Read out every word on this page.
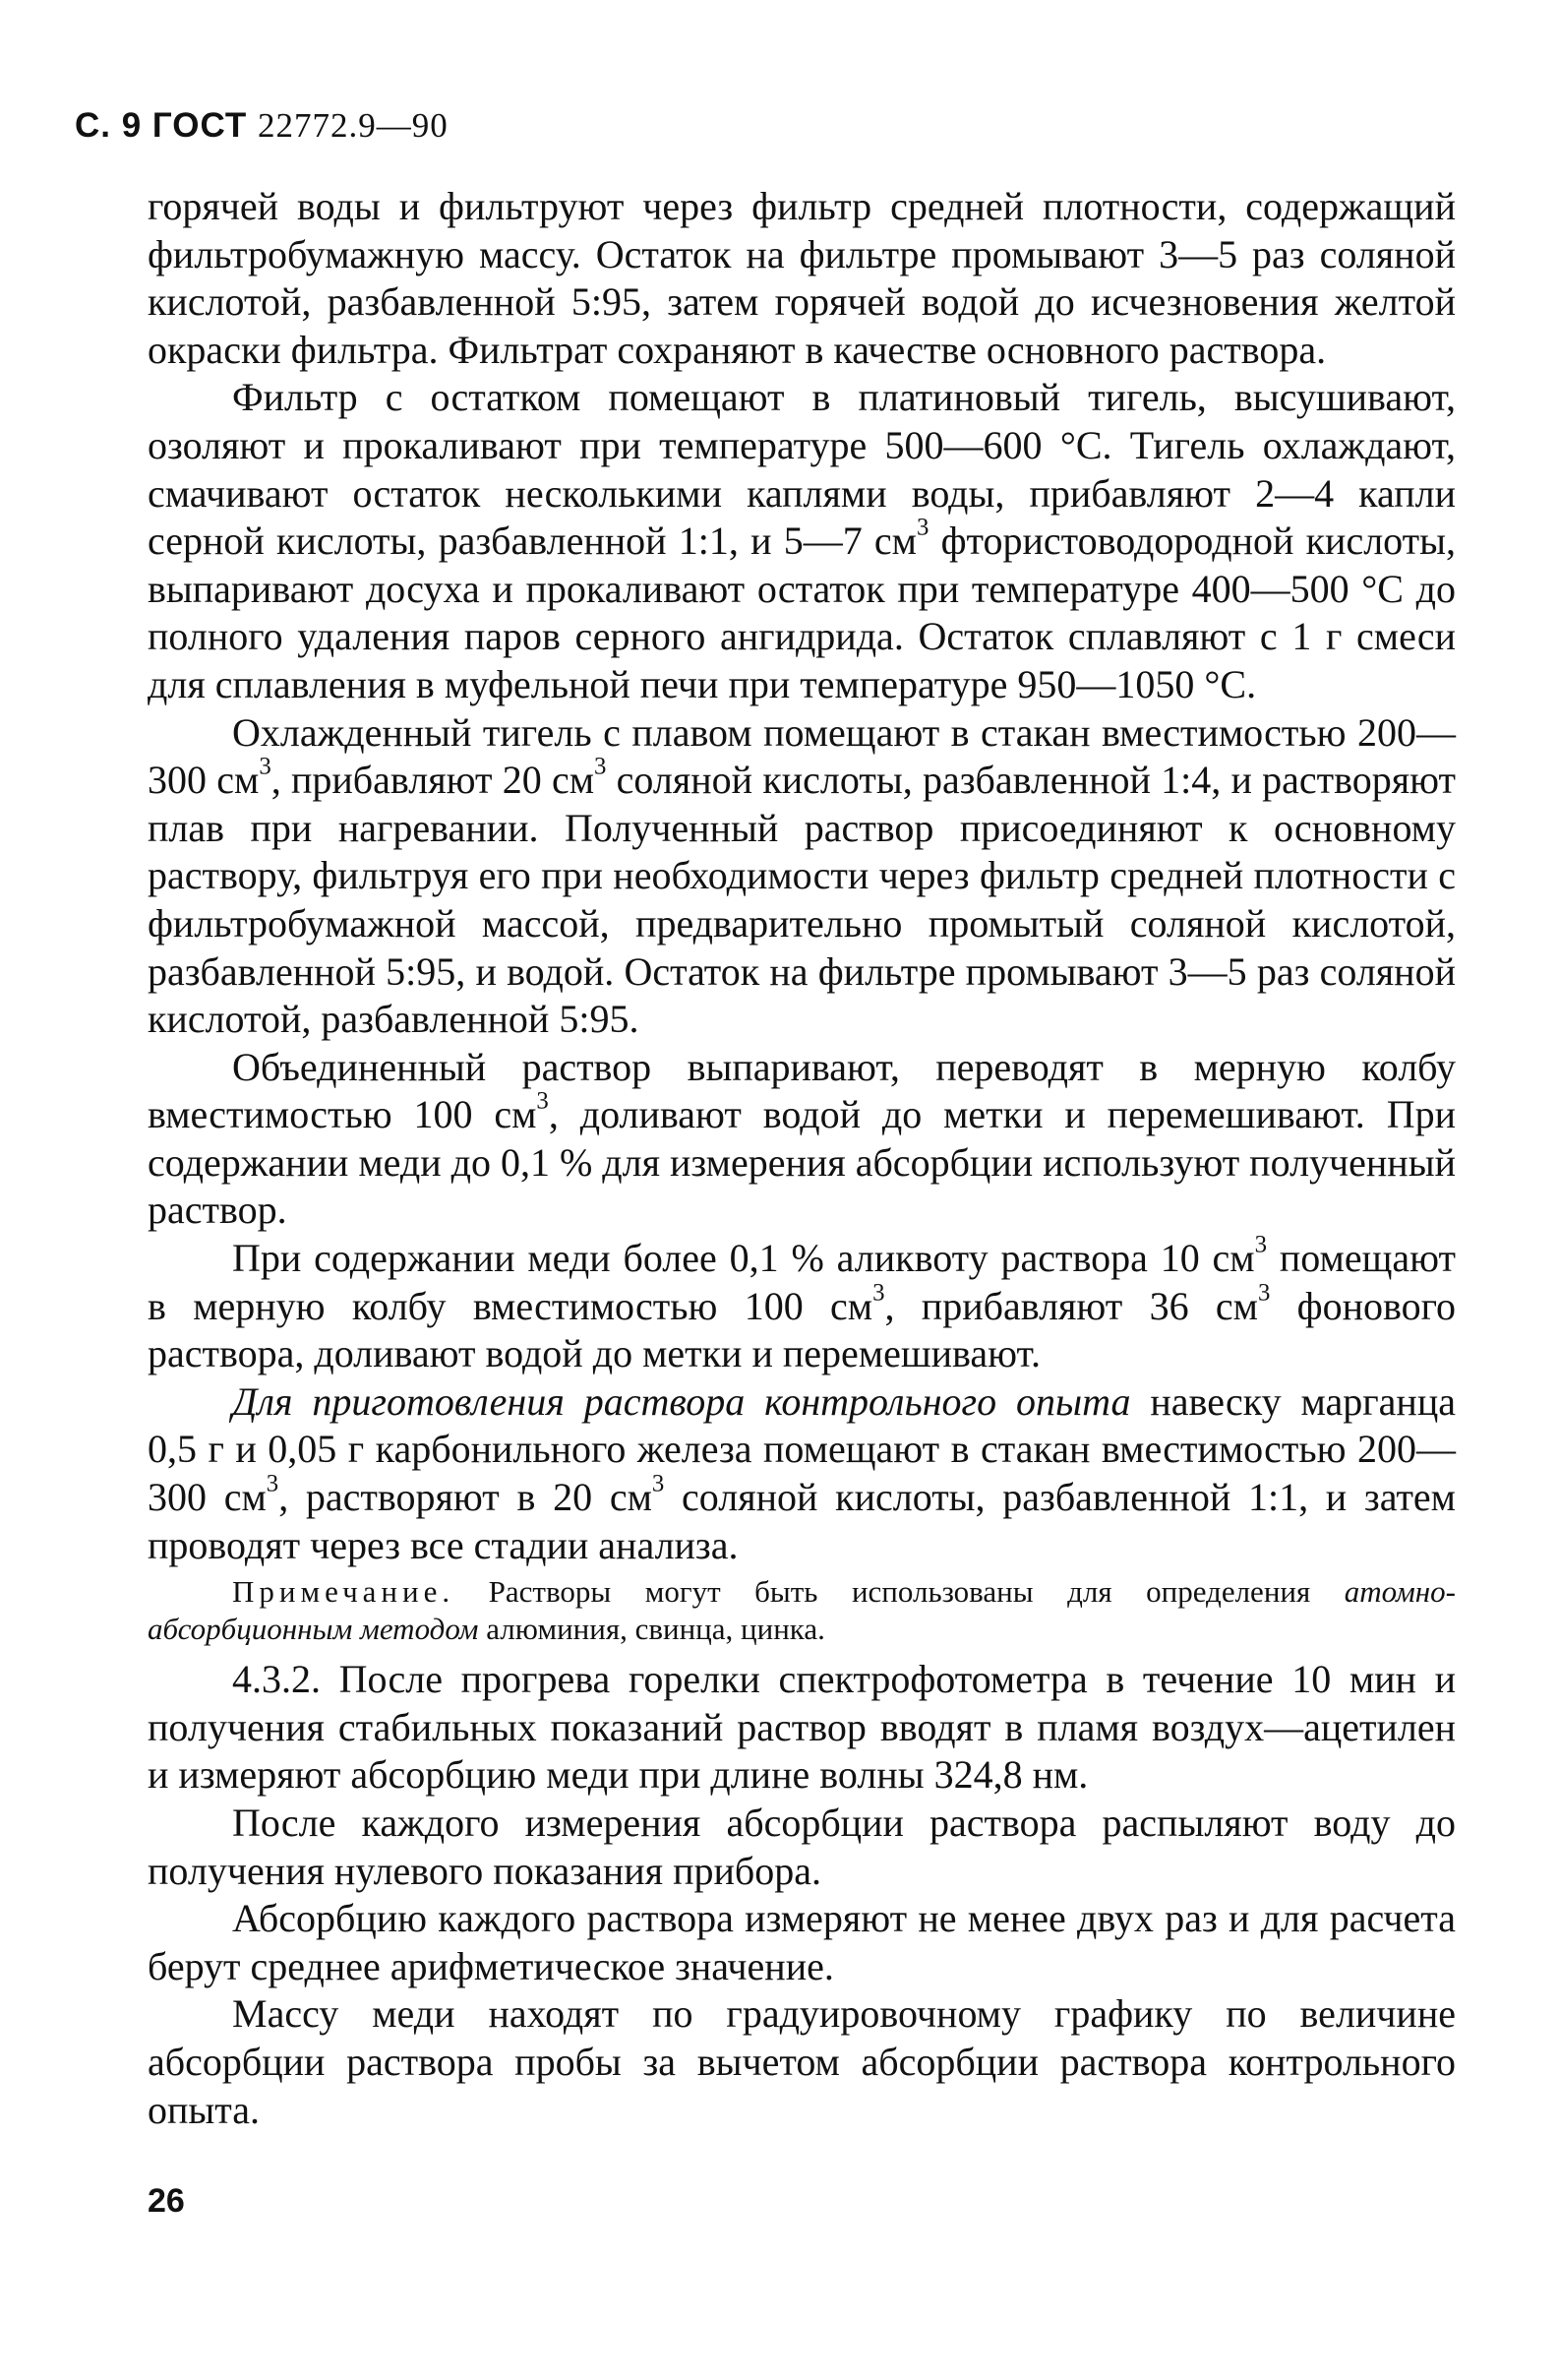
С. 9 ГОСТ 22772.9—90

горячей воды и фильтруют через фильтр средней плотности, содержащий фильтробумажную массу. Остаток на фильтре промывают 3—5 раз соляной кислотой, разбавленной 5:95, затем горячей водой до исчезновения желтой окраски фильтра. Фильтрат сохраняют в качестве основного раствора.

Фильтр с остатком помещают в платиновый тигель, высушивают, озоляют и прокаливают при температуре 500—600 °С. Тигель охлаждают, смачивают остаток несколькими каплями воды, прибавляют 2—4 капли серной кислоты, разбавленной 1:1, и 5—7 $см^3$ фтористоводородной кислоты, выпаривают досуха и прокаливают остаток при температуре 400—500 °С до полного удаления паров серного ангидрида. Остаток сплавляют с 1 г смеси для сплавления в муфельной печи при температуре 950—1050 °С.

Охлажденный тигель с плавом помещают в стакан вместимостью 200—300 $см^3$, прибавляют 20 $см^3$ соляной кислоты, разбавленной 1:4, и растворяют плав при нагревании. Полученный раствор присоединяют к основному раствору, фильтруя его при необходимости через фильтр средней плотности с фильтробумажной массой, предварительно промытый соляной кислотой, разбавленной 5:95, и водой. Остаток на фильтре промывают 3—5 раз соляной кислотой, разбавленной 5:95.

Объединенный раствор выпаривают, переводят в мерную колбу вместимостью 100 $см^3$, доливают водой до метки и перемешивают. При содержании меди до 0,1 % для измерения абсорбции используют полученный раствор.

При содержании меди более 0,1 % аликвоту раствора 10 $см^3$ помещают в мерную колбу вместимостью 100 $см^3$, прибавляют 36 $см^3$ фонового раствора, доливают водой до метки и перемешивают.

Для приготовления раствора контрольного опыта навеску марганца 0,5 г и 0,05 г карбонильного железа помещают в стакан вместимостью 200—300 $см^3$, растворяют в 20 $см^3$ соляной кислоты, разбавленной 1:1, и затем проводят через все стадии анализа.

Примечание. Растворы могут быть использованы для определения атомно-абсорбционным методом алюминия, свинца, цинка.

4.3.2. После прогрева горелки спектрофотометра в течение 10 мин и получения стабильных показаний раствор вводят в пламя воздух—ацетилен и измеряют абсорбцию меди при длине волны 324,8 нм.

После каждого измерения абсорбции раствора распыляют воду до получения нулевого показания прибора.

Абсорбцию каждого раствора измеряют не менее двух раз и для расчета берут среднее арифметическое значение.

Массу меди находят по градуировочному графику по величине абсорбции раствора пробы за вычетом абсорбции раствора контрольного опыта.

26
